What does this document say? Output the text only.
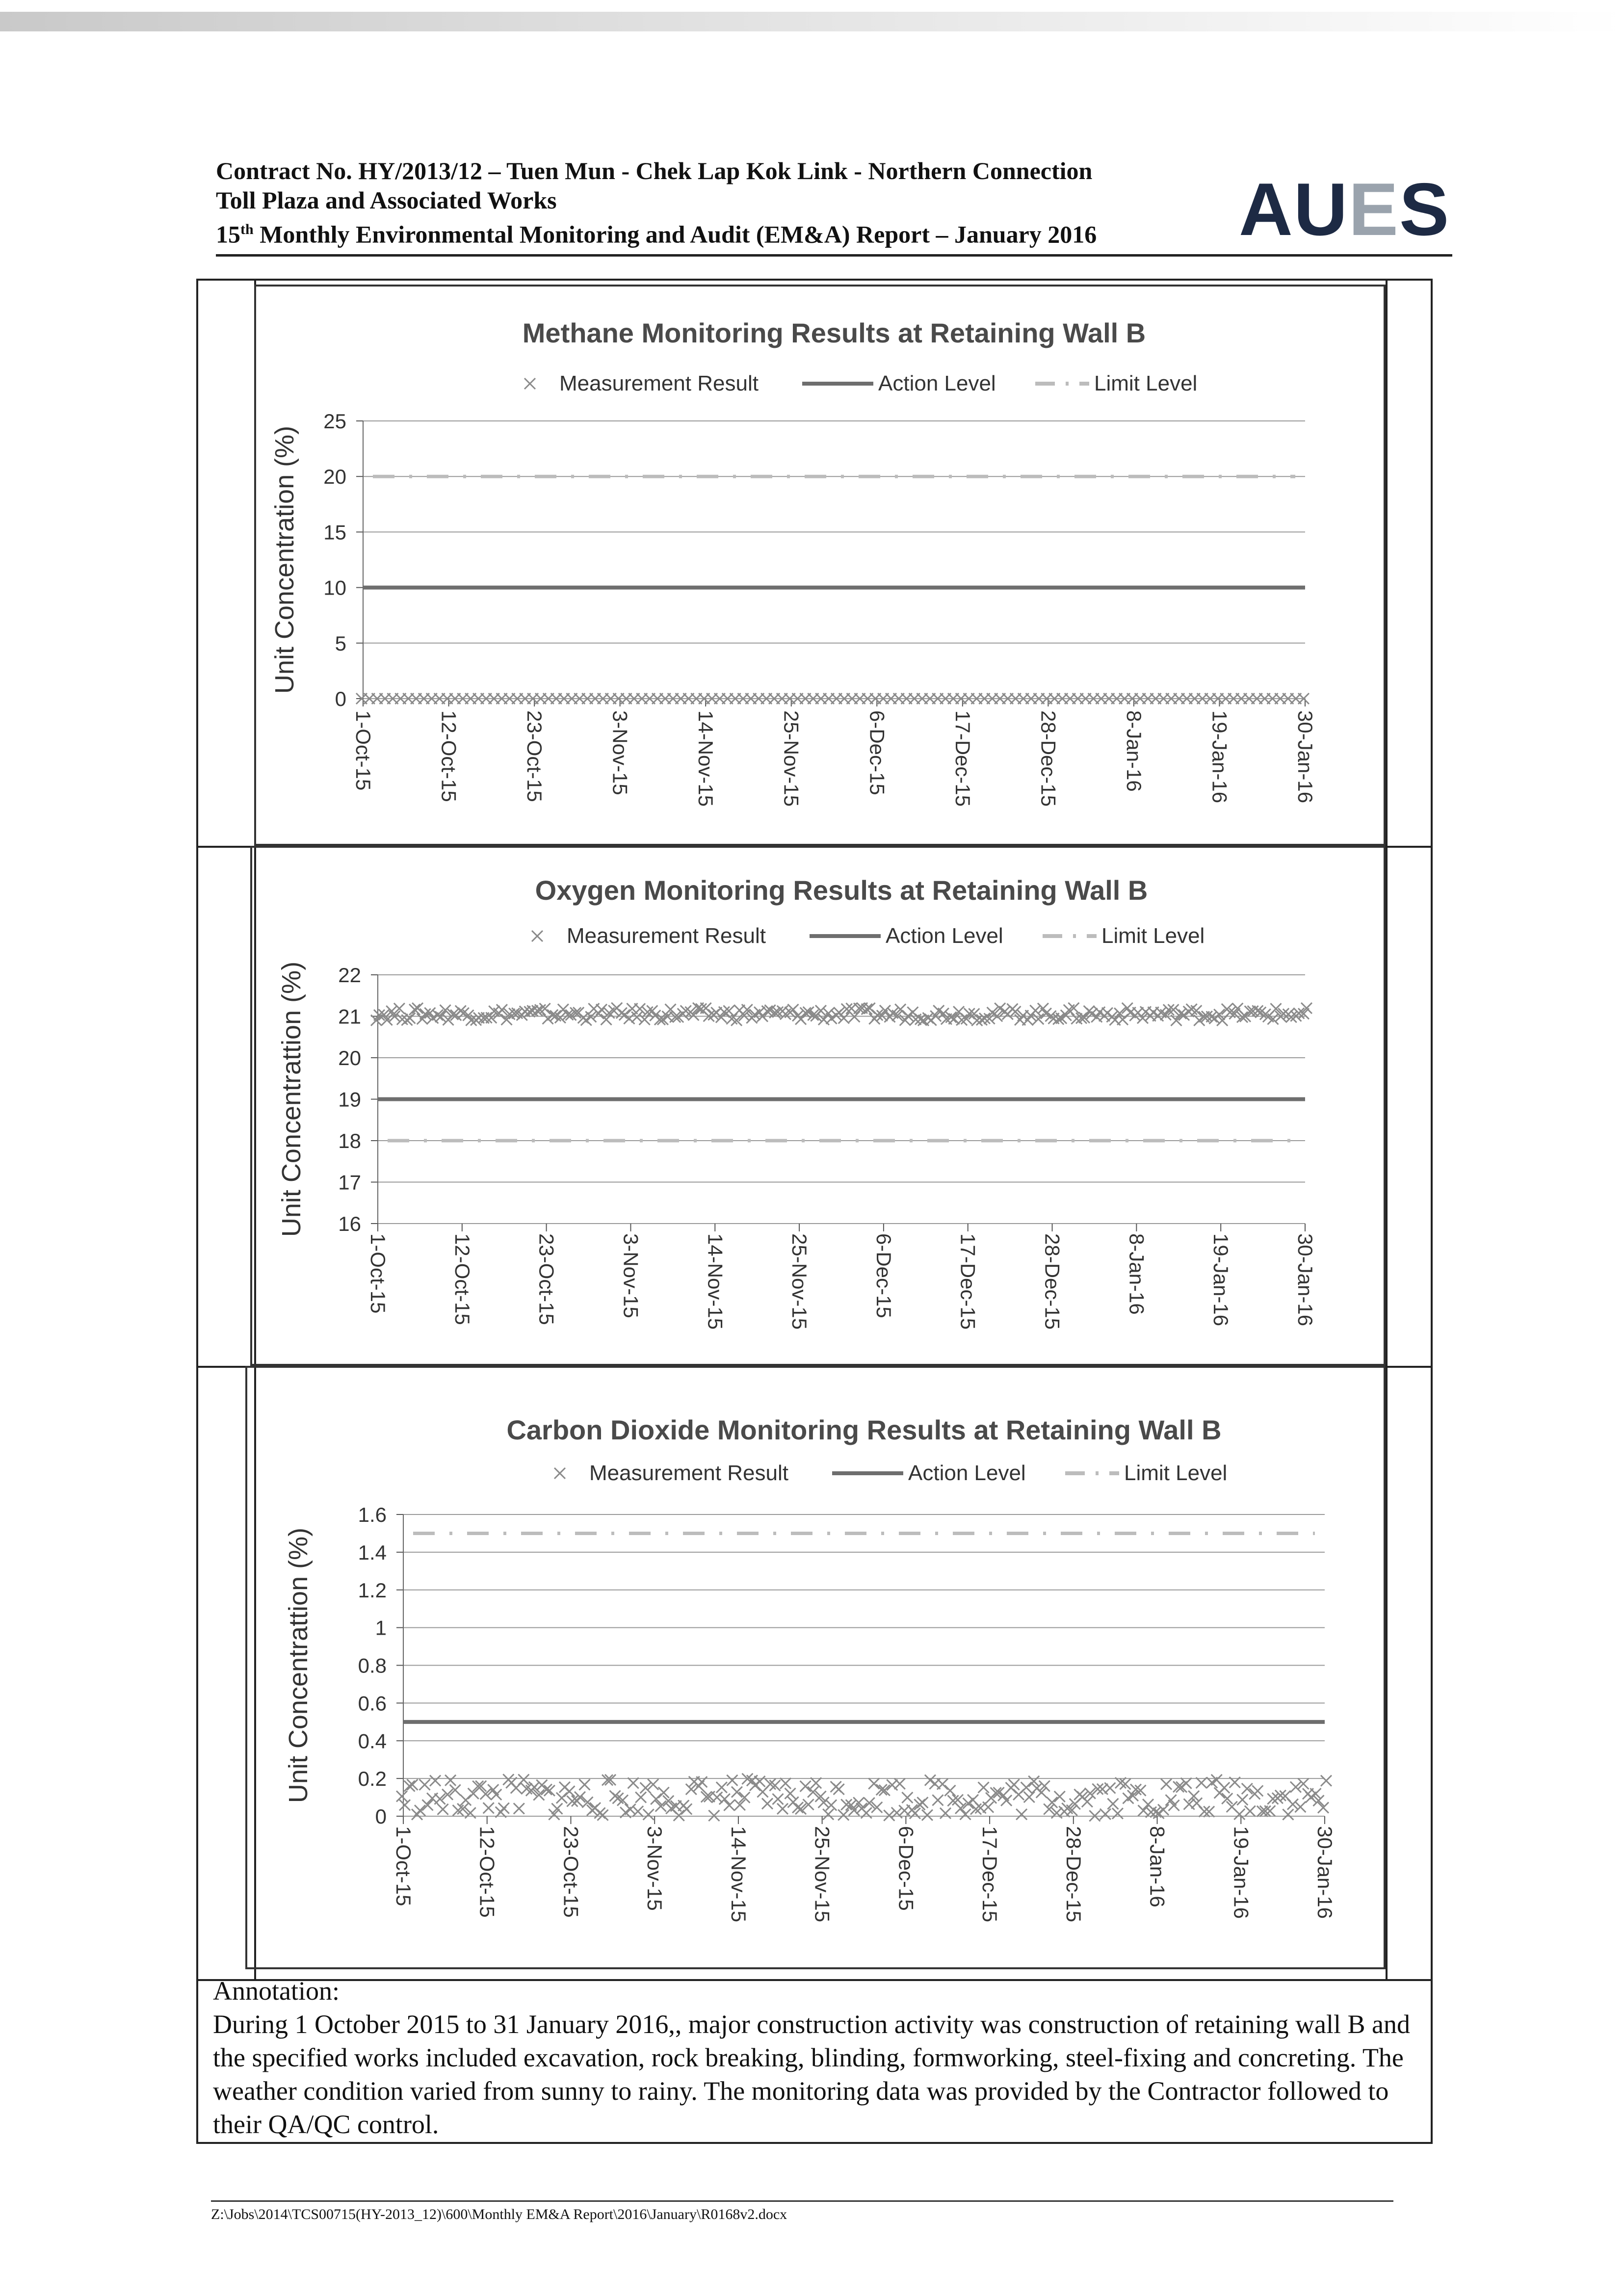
Contract No. HY/2013/12 – Tuen Mun - Chek Lap Kok Link - Northern Connection
Toll Plaza and Associated Works
15th Monthly Environmental Monitoring and Audit (EM&A) Report – January 2016 AUES
Methane Monitoring Results at Retaining Wall B
Measurement Result	Action Level	Limit Level
Unit Concentration (%)
0
5
10
15
20
25
1-Oct-15	12-Oct-15	23-Oct-15	3-Nov-15	14-Nov-15	25-Nov-15	6-Dec-15	17-Dec-15	28-Dec-15	8-Jan-16	19-Jan-16	30-Jan-16
Oxygen Monitoring Results at Retaining Wall B
Measurement Result	Action Level	Limit Level
Unit Concentrattion (%) 16
17
18
19
20
21
22
1-Oct-15	12-Oct-15	23-Oct-15	3-Nov-15	14-Nov-15	25-Nov-15	6-Dec-15	17-Dec-15	28-Dec-15	8-Jan-16	19-Jan-16	30-Jan-16
Carbon Dioxide Monitoring Results at Retaining Wall B
Measurement Result	Action Level	Limit Level
Unit Concentrattion (%)
0
0.2
0.4
0.6
0.8
1
1.2
1.4
1.6
1-Oct-15	12-Oct-15	23-Oct-15	3-Nov-15	14-Nov-15	25-Nov-15	6-Dec-15	17-Dec-15	28-Dec-15	8-Jan-16	19-Jan-16	30-Jan-16
Annotation:
During 1 October 2015 to 31 January 2016,, major construction activity was construction of retaining wall B and the specified works included excavation, rock breaking, blinding, formworking, steel-fixing and concreting. The weather condition varied from sunny to rainy. The monitoring data was provided by the Contractor followed to their QA/QC control.
Z:\Jobs\2014\TCS00715(HY-2013_12)\600\Monthly EM&A Report\2016\January\R0168v2.docx
